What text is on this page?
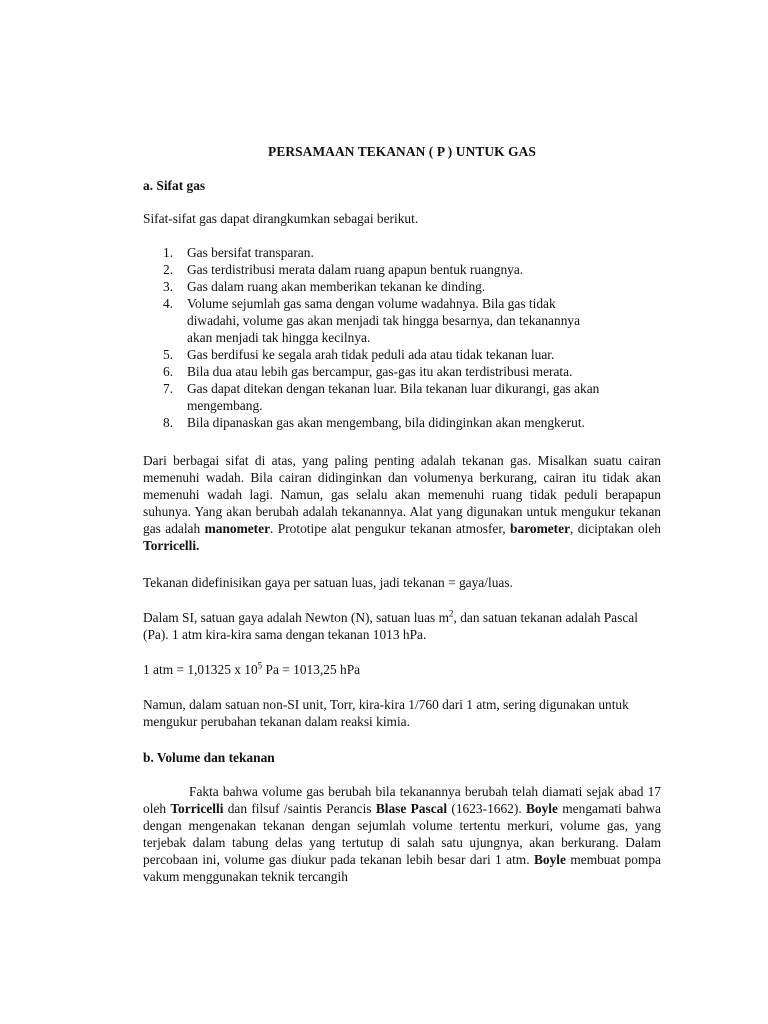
PERSAMAAN TEKANAN ( P ) UNTUK GAS
a. Sifat gas
Sifat-sifat gas dapat dirangkumkan sebagai berikut.
1.	Gas bersifat transparan.
2.	Gas terdistribusi merata dalam ruang apapun bentuk ruangnya.
3.	Gas dalam ruang akan memberikan tekanan ke dinding.
4.	Volume sejumlah gas sama dengan volume wadahnya. Bila gas tidak diwadahi, volume gas akan menjadi tak hingga besarnya, dan tekanannya akan menjadi tak hingga kecilnya.
5.	Gas berdifusi ke segala arah tidak peduli ada atau tidak tekanan luar.
6.	Bila dua atau lebih gas bercampur, gas-gas itu akan terdistribusi merata.
7.	Gas dapat ditekan dengan tekanan luar. Bila tekanan luar dikurangi, gas akan mengembang.
8.	Bila dipanaskan gas akan mengembang, bila didinginkan akan mengkerut.
Dari berbagai sifat di atas, yang paling penting adalah tekanan gas. Misalkan suatu cairan memenuhi wadah. Bila cairan didinginkan dan volumenya berkurang, cairan itu tidak akan memenuhi wadah lagi. Namun, gas selalu akan memenuhi ruang tidak peduli berapapun suhunya. Yang akan berubah adalah tekanannya. Alat yang digunakan untuk mengukur tekanan gas adalah manometer. Prototipe alat pengukur tekanan atmosfer, barometer, diciptakan oleh Torricelli.
Tekanan didefinisikan gaya per satuan luas, jadi tekanan = gaya/luas.
Dalam SI, satuan gaya adalah Newton (N), satuan luas $m^2$, dan satuan tekanan adalah Pascal (Pa). 1 atm kira-kira sama dengan tekanan 1013 hPa.
1 atm = 1,01325 x $10^5$ Pa = 1013,25 hPa
Namun, dalam satuan non-SI unit, Torr, kira-kira 1/760 dari 1 atm, sering digunakan untuk mengukur perubahan tekanan dalam reaksi kimia.
b. Volume dan tekanan
Fakta bahwa volume gas berubah bila tekanannya berubah telah diamati sejak abad 17 oleh Torricelli dan filsuf /saintis Perancis Blase Pascal (1623-1662). Boyle mengamati bahwa dengan mengenakan tekanan dengan sejumlah volume tertentu merkuri, volume gas, yang terjebak dalam tabung delas yang tertutup di salah satu ujungnya, akan berkurang. Dalam percobaan ini, volume gas diukur pada tekanan lebih besar dari 1 atm. Boyle membuat pompa vakum menggunakan teknik tercangih
